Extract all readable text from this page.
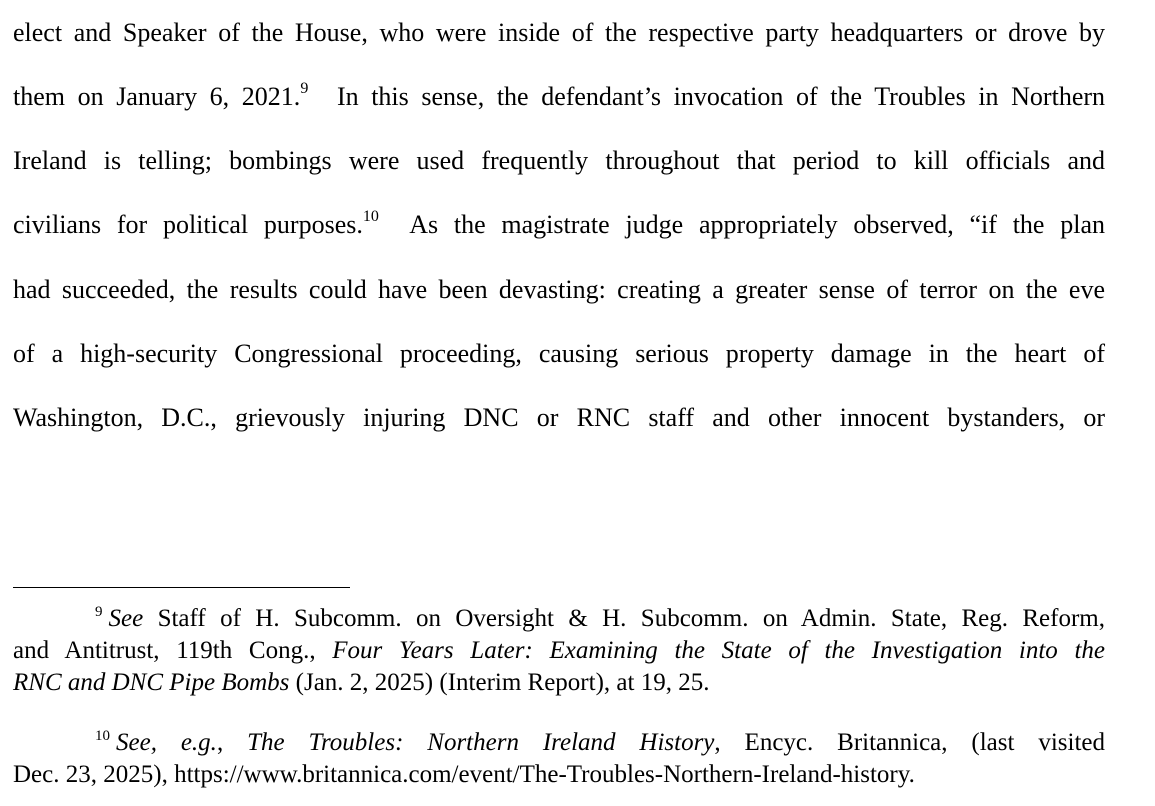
elect and Speaker of the House, who were inside of the respective party headquarters or drove by
them on January 6, 2021.$^9$ In this sense, the defendant’s invocation of the Troubles in Northern
Ireland is telling; bombings were used frequently throughout that period to kill officials and
civilians for political purposes.$^{10}$ As the magistrate judge appropriately observed, “if the plan
had succeeded, the results could have been devasting: creating a greater sense of terror on the eve
of a high-security Congressional proceeding, causing serious property damage in the heart of
Washington, D.C., grievously injuring DNC or RNC staff and other innocent bystanders, or
$^9$ See Staff of H. Subcomm. on Oversight & H. Subcomm. on Admin. State, Reg. Reform,
and Antitrust, 119th Cong., Four Years Later: Examining the State of the Investigation into the
RNC and DNC Pipe Bombs (Jan. 2, 2025) (Interim Report), at 19, 25.
$^{10}$ See, e.g., The Troubles: Northern Ireland History, Encyc. Britannica, (last visited
Dec. 23, 2025), https://www.britannica.com/event/The-Troubles-Northern-Ireland-history.
